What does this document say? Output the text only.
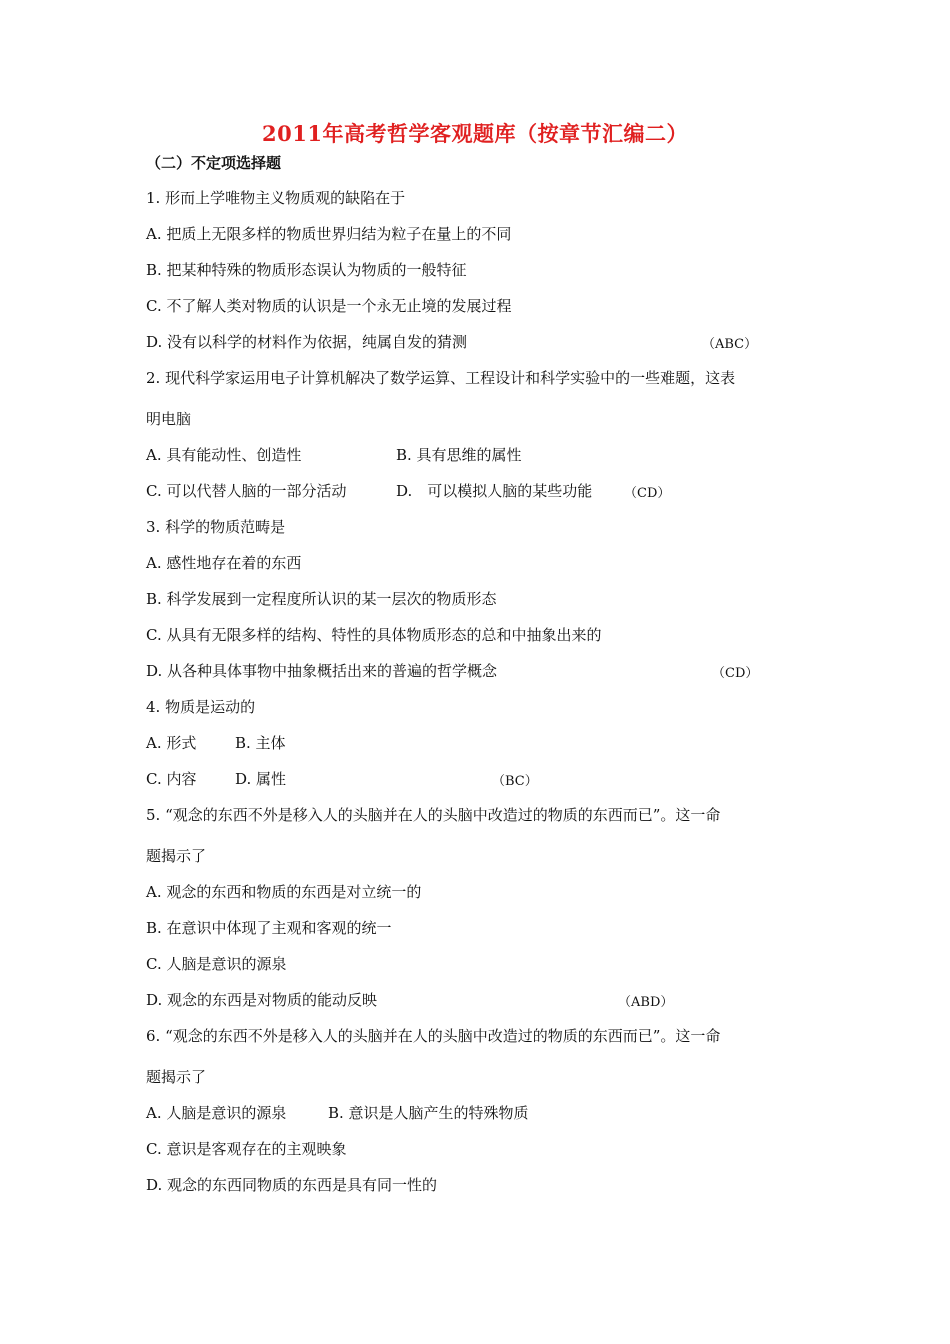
2011年高考哲学客观题库（按章节汇编二）
（二）不定项选择题
1. 形而上学唯物主义物质观的缺陷在于
A. 把质上无限多样的物质世界归结为粒子在量上的不同
B. 把某种特殊的物质形态误认为物质的一般特征
C. 不了解人类对物质的认识是一个永无止境的发展过程
D. 没有以科学的材料作为依据，纯属自发的猜测	（ABC）
2. 现代科学家运用电子计算机解决了数学运算、工程设计和科学实验中的一些难题，这表
明电脑
A. 具有能动性、创造性	B. 具有思维的属性
C. 可以代替人脑的一部分活动	D.　可以模拟人脑的某些功能 （CD）
3. 科学的物质范畴是
A. 感性地存在着的东西
B. 科学发展到一定程度所认识的某一层次的物质形态
C. 从具有无限多样的结构、特性的具体物质形态的总和中抽象出来的
D. 从各种具体事物中抽象概括出来的普遍的哲学概念	（CD）
4. 物质是运动的
A. 形式	B. 主体
C. 内容	D. 属性	（BC）
5. “观念的东西不外是移入人的头脑并在人的头脑中改造过的物质的东西而已”。这一命
题揭示了
A. 观念的东西和物质的东西是对立统一的
B. 在意识中体现了主观和客观的统一
C. 人脑是意识的源泉
D. 观念的东西是对物质的能动反映	（ABD）
6. “观念的东西不外是移入人的头脑并在人的头脑中改造过的物质的东西而已”。这一命
题揭示了
A. 人脑是意识的源泉	B. 意识是人脑产生的特殊物质
C. 意识是客观存在的主观映象
D. 观念的东西同物质的东西是具有同一性的
